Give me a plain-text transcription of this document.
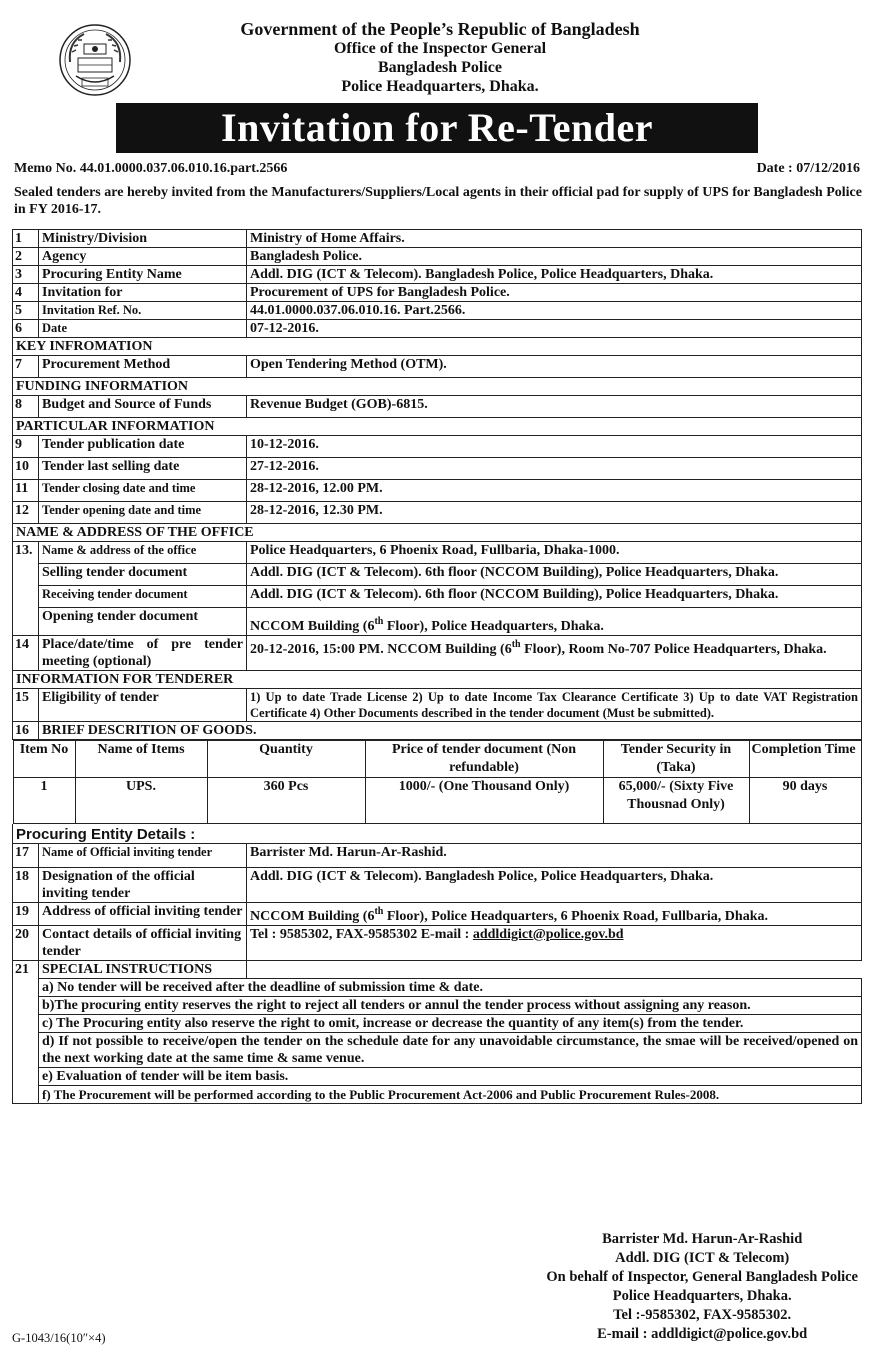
Government of the People’s Republic of Bangladesh
Office of the Inspector General
Bangladesh Police
Police Headquarters, Dhaka.
Invitation for Re-Tender
Memo No. 44.01.0000.037.06.010.16.part.2566	Date : 07/12/2016
Sealed tenders are hereby invited from the Manufacturers/Suppliers/Local agents in their official pad for supply of UPS for Bangladesh Police in FY 2016-17.
1	Ministry/Division	Ministry of Home Affairs.
2	Agency	Bangladesh Police.
3	Procuring Entity Name	Addl. DIG (ICT & Telecom). Bangladesh Police, Police Headquarters, Dhaka.
4	Invitation for	Procurement of UPS for Bangladesh Police.
5	Invitation Ref. No.	44.01.0000.037.06.010.16. Part.2566.
6	Date	07-12-2016.
KEY INFROMATION
7	Procurement Method	Open Tendering Method (OTM).
FUNDING INFORMATION
8	Budget and Source of Funds	Revenue Budget (GOB)-6815.
PARTICULAR INFORMATION
9	Tender publication date	10-12-2016.
10	Tender last selling date	27-12-2016.
11	Tender closing date and time	28-12-2016, 12.00 PM.
12	Tender opening date and time	28-12-2016, 12.30 PM.
NAME & ADDRESS OF THE OFFICE
13.	Name & address of the office	Police Headquarters, 6 Phoenix Road, Fullbaria, Dhaka-1000.
Selling tender document	Addl. DIG (ICT & Telecom). 6th floor (NCCOM Building), Police Headquarters, Dhaka.
Receiving tender document	Addl. DIG (ICT & Telecom). 6th floor (NCCOM Building), Police Headquarters, Dhaka.
Opening tender document	NCCOM Building (6th Floor), Police Headquarters, Dhaka.
14	Place/date/time of pre tender meeting (optional)	20-12-2016, 15:00 PM. NCCOM Building (6th Floor), Room No-707 Police Headquarters, Dhaka.
INFORMATION FOR TENDERER
15	Eligibility of tender	1) Up to date Trade License 2) Up to date Income Tax Clearance Certificate 3) Up to date VAT Registration Certificate 4) Other Documents described in the tender document (Must be submitted).
16	BRIEF DESCRITION OF GOODS.

Item No	Name of Items	Quantity	Price of tender document (Non refundable)	Tender Security in (Taka)	Completion Time
1	UPS.	360 Pcs	1000/- (One Thousand Only)	65,000/- (Sixty Five Thousnad Only)	90 days

Procuring Entity Details :
17	Name of Official inviting tender	Barrister Md. Harun-Ar-Rashid.
18	Designation of the official inviting tender	Addl. DIG (ICT & Telecom). Bangladesh Police, Police Headquarters, Dhaka.
19	Address of official inviting tender	NCCOM Building (6th Floor), Police Headquarters, 6 Phoenix Road, Fullbaria, Dhaka.
20	Contact details of official inviting tender	Tel : 9585302, FAX-9585302 E-mail : addldigict@police.gov.bd
21	SPECIAL INSTRUCTIONS	
a) No tender will be received after the deadline of submission time & date.
b)The procuring entity reserves the right to reject all tenders or annul the tender process without assigning any reason.
c) The Procuring entity also reserve the right to omit, increase or decrease the quantity of any item(s) from the tender.
d) If not possible to receive/open the tender on the schedule date for any unavoidable circumstance, the smae will be received/opened on the next working date at the same time & same venue.
e) Evaluation of tender will be item basis.
f) The Procurement will be performed according to the Public Procurement Act-2006 and Public Procurement Rules-2008.
Barrister Md. Harun-Ar-Rashid
Addl. DIG (ICT & Telecom)
On behalf of Inspector, General Bangladesh Police
Police Headquarters, Dhaka.
Tel :-9585302, FAX-9585302.
E-mail : addldigict@police.gov.bd
G-1043/16(10″×4)
